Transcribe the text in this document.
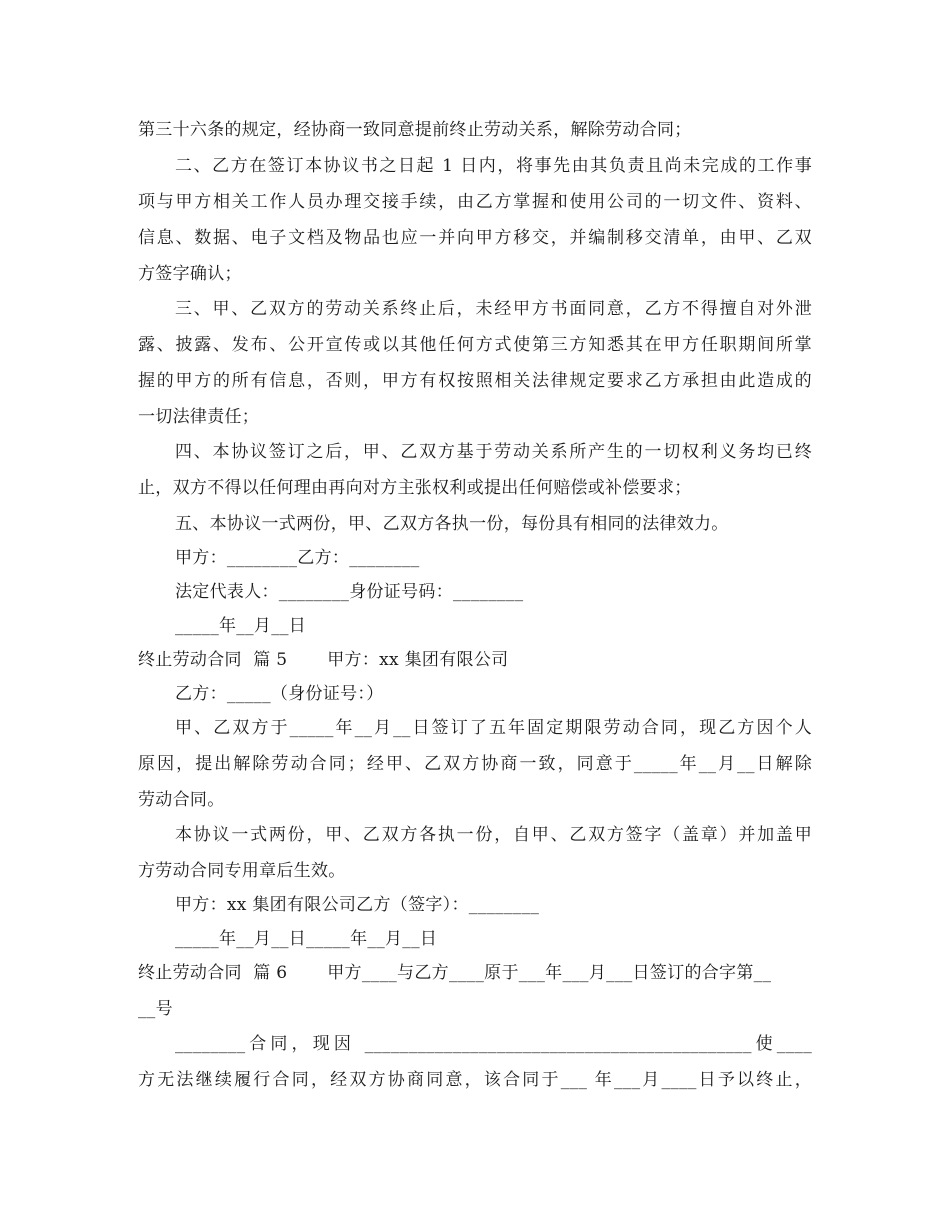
第三十六条的规定，经协商一致同意提前终止劳动关系，解除劳动合同；
二、乙方在签订本协议书之日起 1 日内，将事先由其负责且尚未完成的工作事
项与甲方相关工作人员办理交接手续，由乙方掌握和使用公司的一切文件、资料、
信息、数据、电子文档及物品也应一并向甲方移交，并编制移交清单，由甲、乙双
方签字确认；
三、甲、乙双方的劳动关系终止后，未经甲方书面同意，乙方不得擅自对外泄
露、披露、发布、公开宣传或以其他任何方式使第三方知悉其在甲方任职期间所掌
握的甲方的所有信息，否则，甲方有权按照相关法律规定要求乙方承担由此造成的
一切法律责任；
四、本协议签订之后，甲、乙双方基于劳动关系所产生的一切权利义务均已终
止，双方不得以任何理由再向对方主张权利或提出任何赔偿或补偿要求；
五、本协议一式两份，甲、乙双方各执一份，每份具有相同的法律效力。
甲方：________乙方：________
法定代表人：________身份证号码：________
_____年__月__日
终止劳动合同  篇 5       甲方：xx 集团有限公司
乙方：_____（身份证号：）
甲、乙双方于_____年__月__日签订了五年固定期限劳动合同，现乙方因个人
原因，提出解除劳动合同；经甲、乙双方协商一致，同意于_____年__月__日解除
劳动合同。
本协议一式两份，甲、乙双方各执一份，自甲、乙双方签字（盖章）并加盖甲
方劳动合同专用章后生效。
甲方：xx 集团有限公司乙方（签字）：________
_____年__月__日_____年__月__日
终止劳动合同  篇 6       甲方____与乙方____原于___年___月___日签订的合字第__
__号
________合同，现因 ____________________________________________使____
方无法继续履行合同，经双方协商同意，该合同于___ 年___月____日予以终止，
